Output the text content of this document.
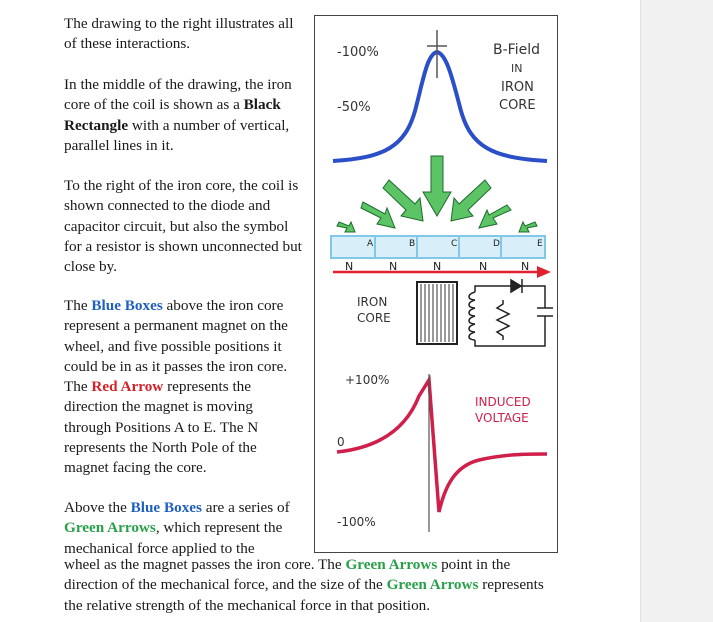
The drawing to the right illustrates all of these interactions.

In the middle of the drawing, the iron core of the coil is shown as a Black Rectangle with a number of vertical, parallel lines in it.

To the right of the iron core, the coil is shown connected to the diode and capacitor circuit, but also the symbol for a resistor is shown unconnected but close by.

The Blue Boxes above the iron core represent a permanent magnet on the wheel, and five possible positions it could be in as it passes the iron core. The Red Arrow represents the direction the magnet is moving through Positions A to E. The N represents the North Pole of the magnet facing the core.

Above the Blue Boxes are a series of Green Arrows, which represent the mechanical force applied to the
-100%
-50%
B-Field
IN
IRON
CORE
A	B	C	D	E
N	N	N	N	N
IRON
CORE
+100%
0
-100%
INDUCED
VOLTAGE

wheel as the magnet passes the iron core. The Green Arrows point in the direction of the mechanical force, and the size of the Green Arrows represents the relative strength of the mechanical force in that position.
